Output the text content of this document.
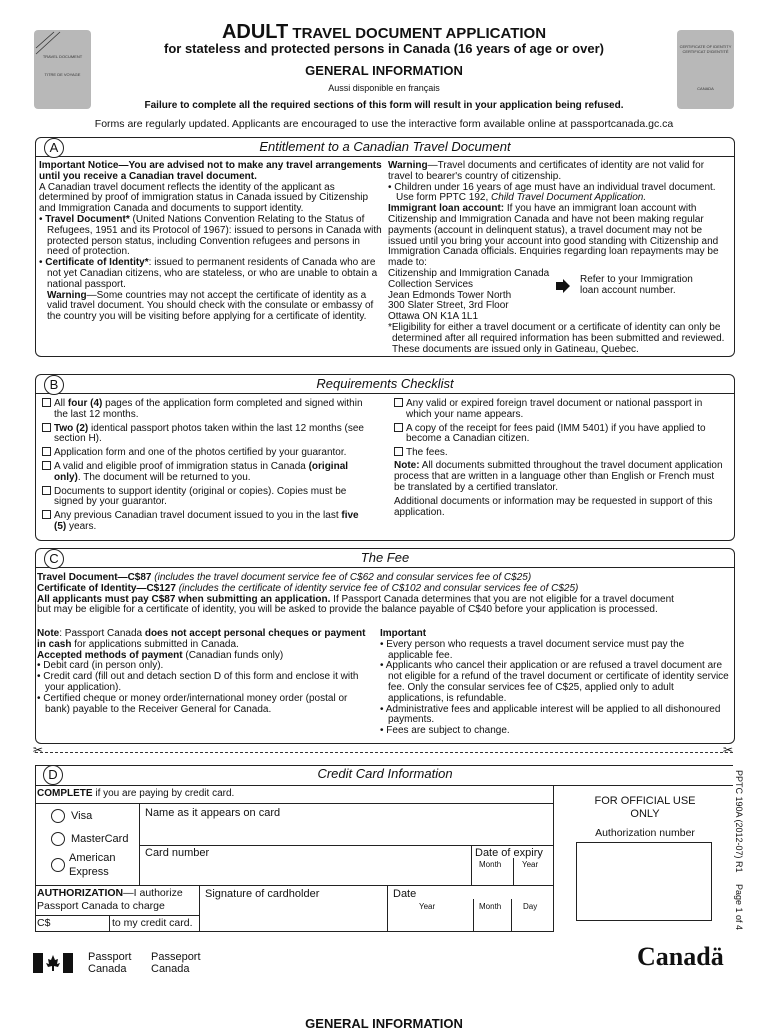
TRAVEL DOCUMENT
TITRE DE VOYAGE
CERTIFICATE OF IDENTITY
CERTIFICAT D'IDENTITÉ
CANADA
ADULT TRAVEL DOCUMENT APPLICATION
for stateless and protected persons in Canada (16 years of age or over)
GENERAL INFORMATION
Aussi disponible en français
Failure to complete all the required sections of this form will result in your application being refused.
Forms are regularly updated. Applicants are encouraged to use the interactive form available online at passportcanada.gc.ca
A	Entitlement to a Canadian Travel Document

Important Notice—You are advised not to make any travel arrangements until you receive a Canadian travel document.

A Canadian travel document reflects the identity of the applicant as determined by proof of immigration status in Canada issued by Citizenship and Immigration Canada and documents to support identity.

• Travel Document* (United Nations Convention Relating to the Status of Refugees, 1951 and its Protocol of 1967): issued to persons in Canada with protected person status, including Convention refugees and persons in need of protection.

• Certificate of Identity*: issued to permanent residents of Canada who are not yet Canadian citizens, who are stateless, or who are unable to obtain a national passport.

Warning—Some countries may not accept the certificate of identity as a valid travel document. You should check with the consulate or embassy of the country you will be visiting before applying for a certificate of identity.

Warning—Travel documents and certificates of identity are not valid for travel to bearer's country of citizenship.

• Children under 16 years of age must have an individual travel document. Use form PPTC 192, Child Travel Document Application.

Immigrant loan account: If you have an immigrant loan account with Citizenship and Immigration Canada and have not been making regular payments (account in delinquent status), a travel document may not be issued until you bring your account into good standing with Citizenship and Immigration Canada officials. Enquiries regarding loan repayments may be made to:

Citizenship and Immigration Canada

Collection Services

Jean Edmonds Tower North

300 Slater Street, 3rd Floor

Ottawa ON K1A 1L1

Refer to your Immigration loan account number.

*Eligibility for either a travel document or a certificate of identity can only be determined after all required information has been submitted and reviewed. These documents are issued only in Gatineau, Quebec.

B	Requirements Checklist

All four (4) pages of the application form completed and signed within the last 12 months.

Two (2) identical passport photos taken within the last 12 months (see section H).

Application form and one of the photos certified by your guarantor.

A valid and eligible proof of immigration status in Canada (original only). The document will be returned to you.

Documents to support identity (original or copies). Copies must be signed by your guarantor.

Any previous Canadian travel document issued to you in the last five (5) years.

Any valid or expired foreign travel document or national passport in which your name appears.

A copy of the receipt for fees paid (IMM 5401) if you have applied to become a Canadian citizen.

The fees.

Note: All documents submitted throughout the travel document application process that are written in a language other than English or French must be translated by a certified translator.

Additional documents or information may be requested in support of this application.

C	The Fee

Travel Document—C$87 (includes the travel document service fee of C$62 and consular services fee of C$25)

Certificate of Identity—C$127 (includes the certificate of identity service fee of C$102 and consular services fee of C$25)

All applicants must pay C$87 when submitting an application. If Passport Canada determines that you are not eligible for a travel document but may be eligible for a certificate of identity, you will be asked to provide the balance payable of C$40 before your application is processed.

Note: Passport Canada does not accept personal cheques or payment in cash for applications submitted in Canada.

Accepted methods of payment (Canadian funds only)

• Debit card (in person only).

• Credit card (fill out and detach section D of this form and enclose it with your application).

• Certified cheque or money order/international money order (postal or bank) payable to the Receiver General for Canada.

Important

• Every person who requests a travel document service must pay the applicable fee.

• Applicants who cancel their application or are refused a travel document are not eligible for a refund of the travel document or certificate of identity service fee. Only the consular services fee of C$25, applied only to adult applications, is refundable.

• Administrative fees and applicable interest will be applied to all dishonoured payments.

• Fees are subject to change.

✂	✂
D	Credit Card Information
COMPLETE if you are paying by credit card.
Visa
MasterCard
American Express
Name as it appears on card
Card number	Date of expiry
Month	Year
AUTHORIZATION—I authorize Passport Canada to charge
C$	to my credit card.
Signature of cardholder	Date
Year	Month	Day
FOR OFFICIAL USE ONLY
Authorization number	PPTC 190A (2012-07) R1
Page 1 of 4
Passport
Canada
Passeport
Canada	Canadä
GENERAL INFORMATION
